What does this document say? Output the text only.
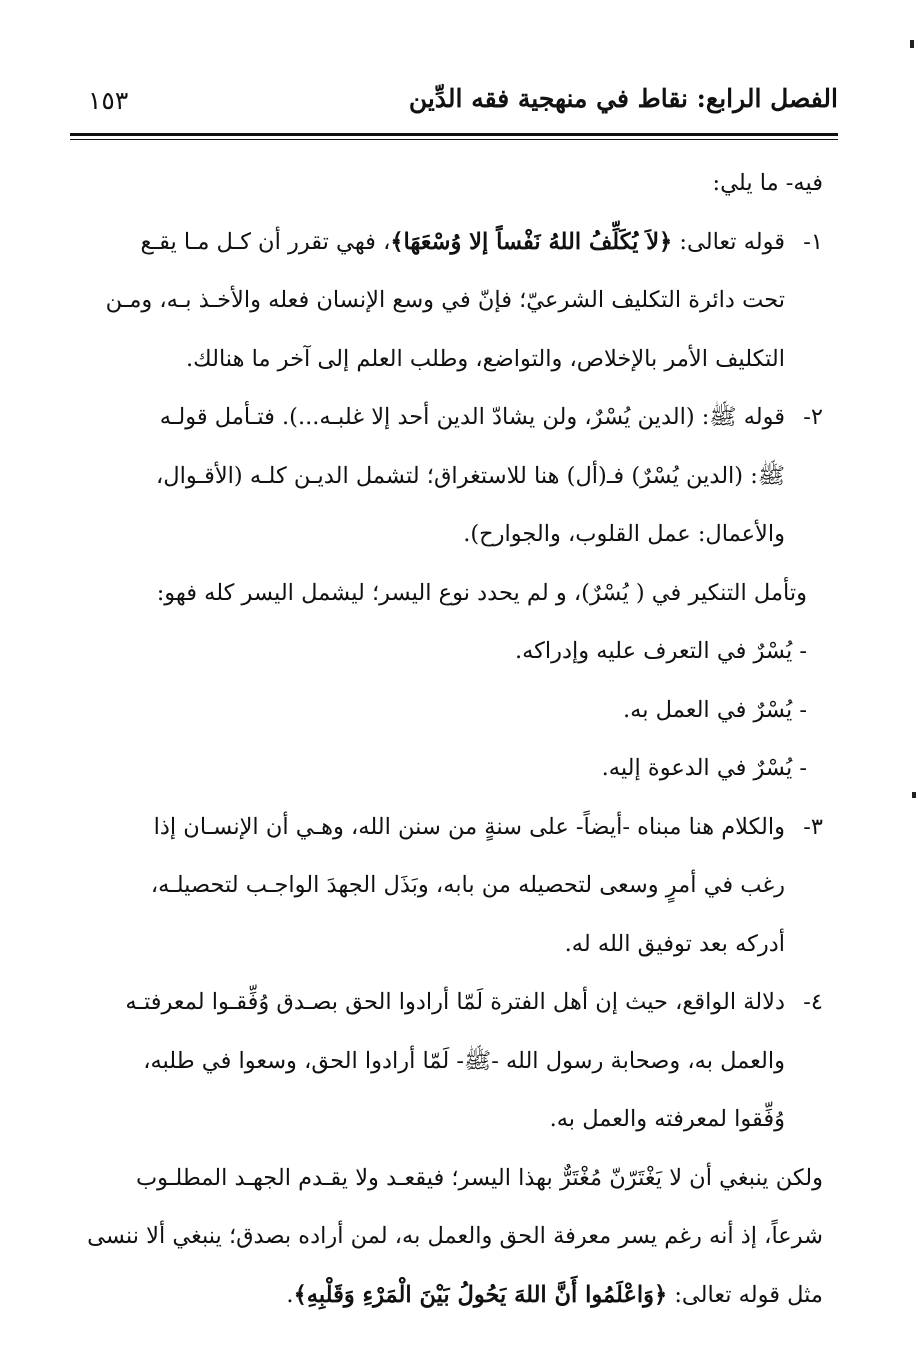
الفصل الرابع: نقاط في منهجية فقه الدِّين
١٥٣
فيه- ما يلي:
١-قوله تعالى: ﴿لاَ يُكَلِّفُ اللهُ نَفْساً إلا وُسْعَهَا﴾، فهي تقرر أن كـل مـا يقـع
تحت دائرة التكليف الشرعيّ؛ فإنّ في وسع الإنسان فعله والأخـذ بـه، ومـن
التكليف الأمر بالإخلاص، والتواضع، وطلب العلم إلى آخر ما هنالك.
٢-قوله ﷺ: (الدين يُسْرٌ، ولن يشادّ الدين أحد إلا غلبـه...). فتـأمل قولـه
ﷺ: (الدين يُسْرٌ) فـ(أل) هنا للاستغراق؛ لتشمل الديـن كلـه (الأقـوال،
والأعمال: عمل القلوب، والجوارح).
وتأمل التنكير في ( يُسْرٌ)، و لم يحدد نوع اليسر؛ ليشمل اليسر كله فهو:
- يُسْرٌ في التعرف عليه وإدراكه.
- يُسْرٌ في العمل به.
- يُسْرٌ في الدعوة إليه.
٣-والكلام هنا مبناه -أيضاً- على سنةٍ من سنن الله، وهـي أن الإنسـان إذا
رغب في أمرٍ وسعى لتحصيله من بابه، وبَذَل الجهدَ الواجـب لتحصيلـه،
أدركه بعد توفيق الله له.
٤-دلالة الواقع، حيث إن أهل الفترة لَمّا أرادوا الحق بصـدق وُفِّقـوا لمعرفتـه
والعمل به، وصحابة رسول الله -ﷺ- لَمّا أرادوا الحق، وسعوا في طلبه،
وُفِّقوا لمعرفته والعمل به.
ولكن ينبغي أن لا يَغْتَرّنّ مُغْتَرٌّ بهذا اليسر؛ فيقعـد ولا يقـدم الجهـد المطلـوب
شرعاً، إذ أنه رغم يسر معرفة الحق والعمل به، لمن أراده بصدق؛ ينبغي ألا ننسى
مثل قوله تعالى: ﴿وَاعْلَمُوا أَنَّ اللهَ يَحُولُ بَيْنَ الْمَرْءِ وَقَلْبِهِ﴾.
